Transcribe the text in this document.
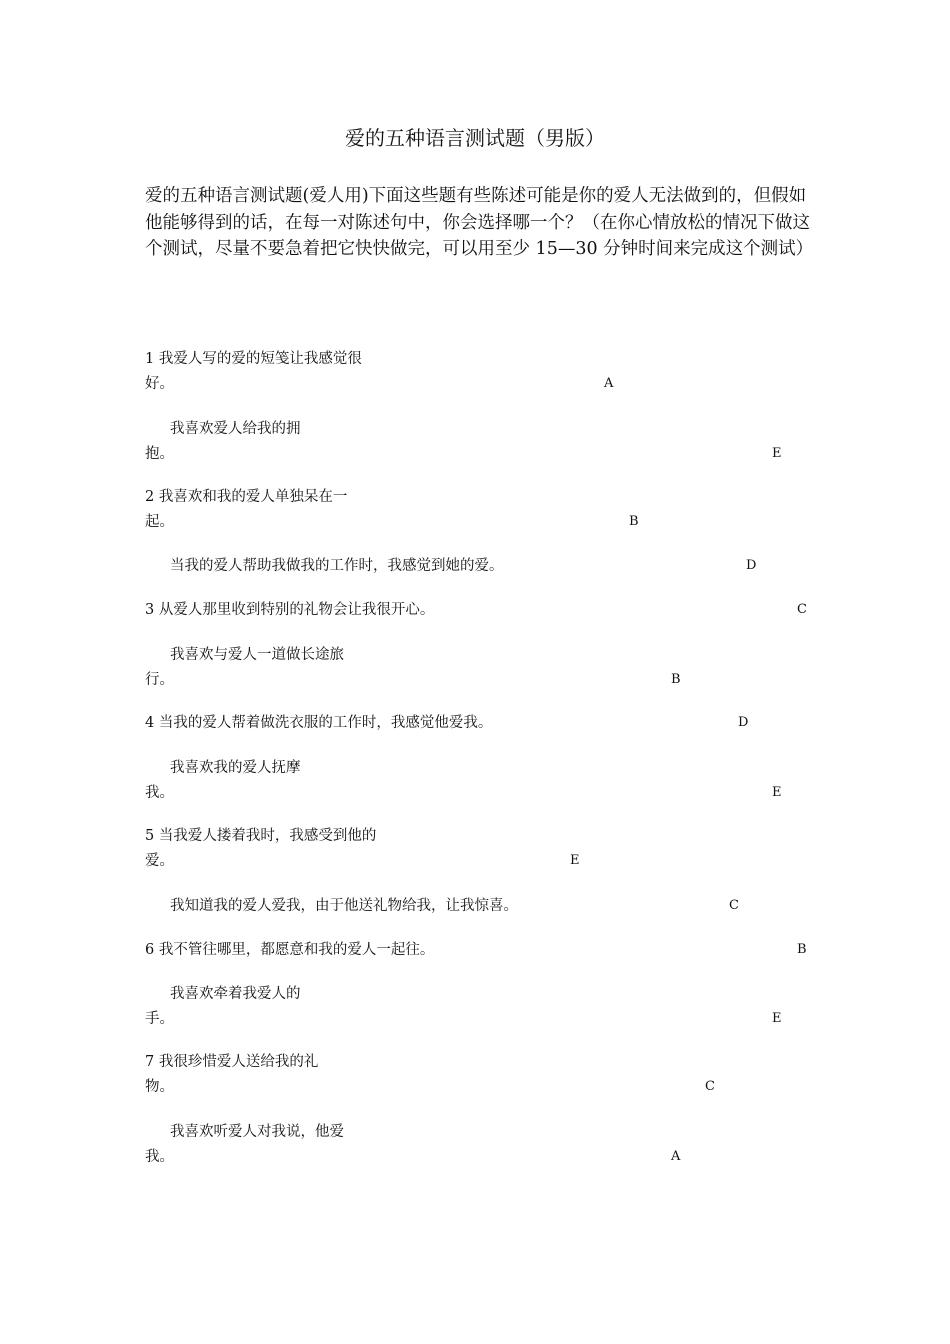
爱的五种语言测试题（男版）

爱的五种语言测试题(爱人用)下面这些题有些陈述可能是你的爱人无法做到的，但假如他能够得到的话，在每一对陈述句中，你会选择哪一个？（在你心情放松的情况下做这个测试，尽量不要急着把它快快做完，可以用至少 15—30 分钟时间来完成这个测试）

1 我爱人写的爱的短笺让我感觉很
好。	A
我喜欢爱人给我的拥
抱。	E
2 我喜欢和我的爱人单独呆在一
起。	B
当我的爱人帮助我做我的工作时，我感觉到她的爱。	D
3 从爱人那里收到特别的礼物会让我很开心。	C
我喜欢与爱人一道做长途旅
行。	B
4 当我的爱人帮着做洗衣服的工作时，我感觉他爱我。	D
我喜欢我的爱人抚摩
我。	E
5 当我爱人搂着我时，我感受到他的
爱。	E
我知道我的爱人爱我，由于他送礼物给我，让我惊喜。	C
6 我不管往哪里，都愿意和我的爱人一起往。	B
我喜欢牵着我爱人的
手。	E
7 我很珍惜爱人送给我的礼
物。	C
我喜欢听爱人对我说，他爱
我。	A
